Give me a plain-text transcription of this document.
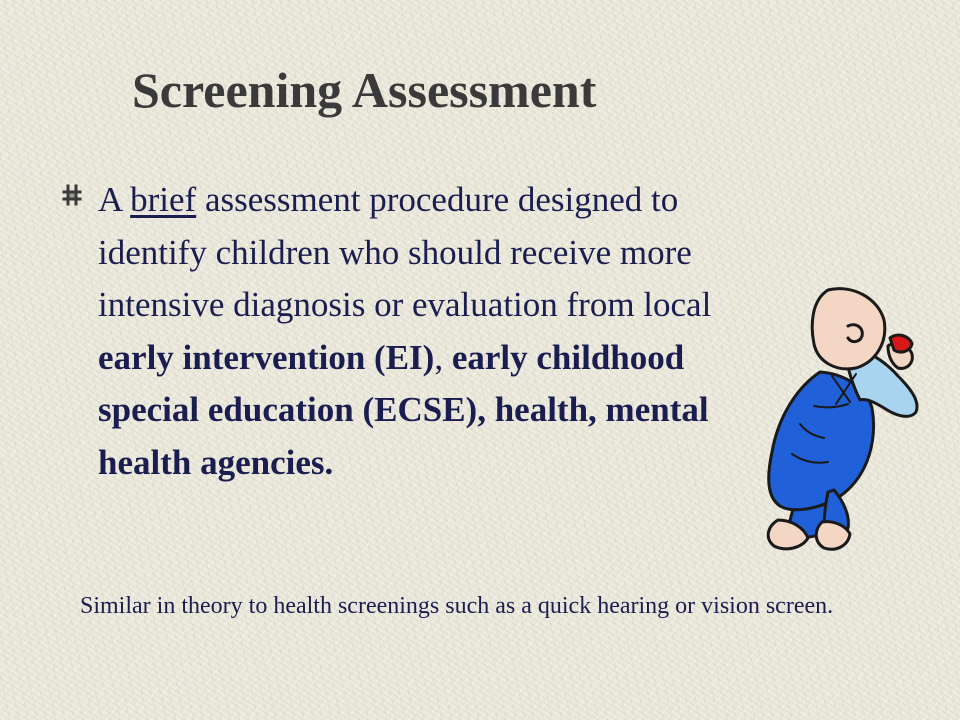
Screening Assessment

A brief assessment procedure designed to identify children who should receive more intensive diagnosis or evaluation from local early intervention (EI), early childhood special education (ECSE), health, mental health agencies.

Similar in theory to health screenings such as a quick hearing or vision screen.
